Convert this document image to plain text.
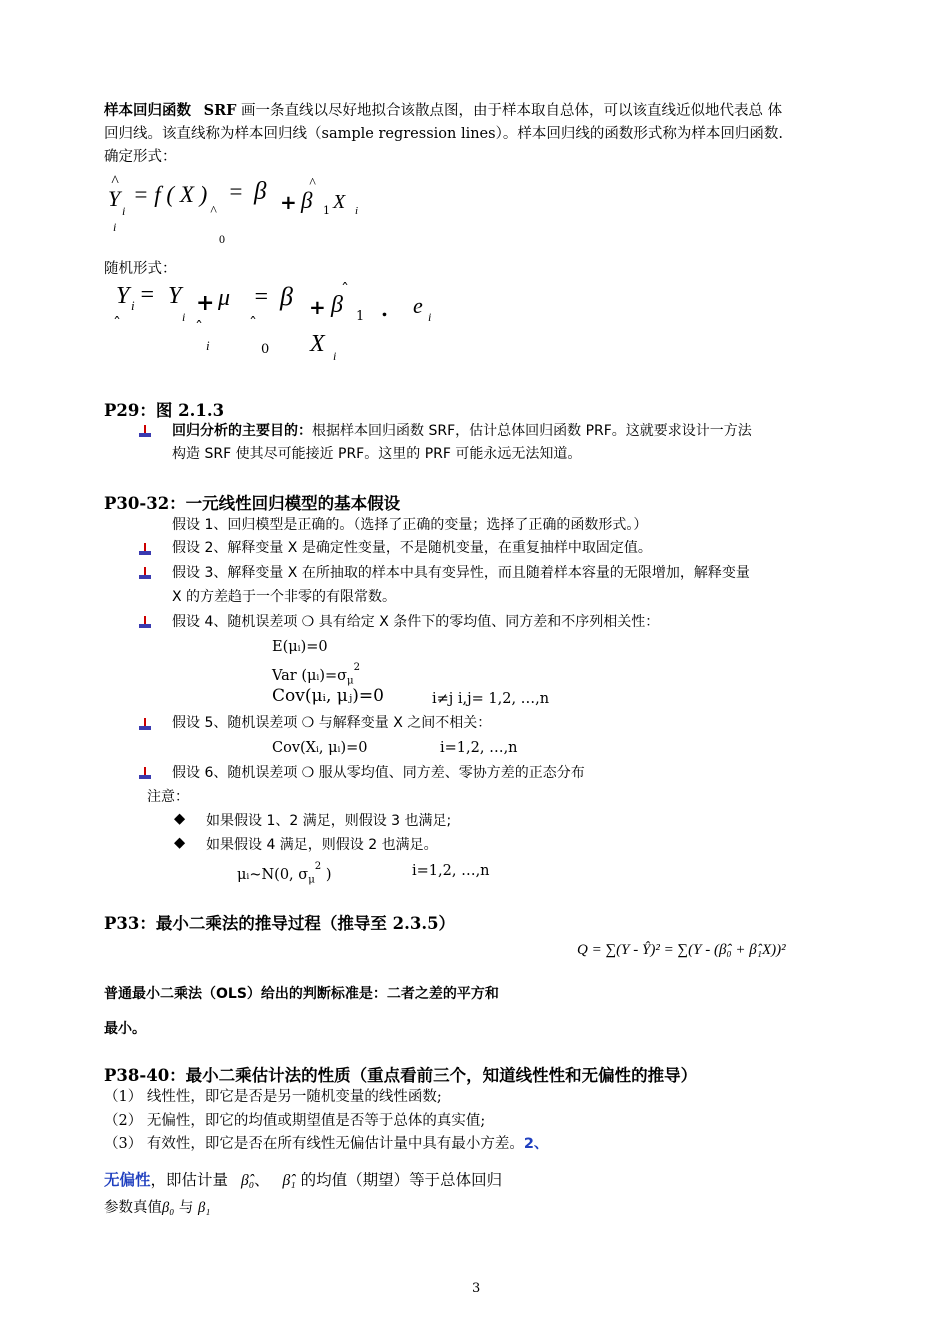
样本回归函数 SRF 画一条直线以尽好地拟合该散点图，由于样本取自总体，可以该直线近似地代表总 体
回归线。该直线称为样本回归线（sample regression lines）。样本回归线的函数形式称为样本回归函数.
确定形式：
Y
^
i
i
= f ( X ) = β
^
0
+ β
^
1 X i
随机形式：
Y i =
ˆ
Y
i
+ μ
ˆ
i
= β
ˆ
0
+ β
ˆ
1 . e i
X i
P29：图 2.1.3
回归分析的主要目的：根据样本回归函数 SRF，估计总体回归函数 PRF。这就要求设计一方法
构造 SRF 使其尽可能接近 PRF。这里的 PRF 可能永远无法知道。
P30-32：一元线性回归模型的基本假设
假设 1、回归模型是正确的。（选择了正确的变量；选择了正确的函数形式。）
假设 2、解释变量 X 是确定性变量，不是随机变量，在重复抽样中取固定值。
假设 3、解释变量 X 在所抽取的样本中具有变异性，而且随着样本容量的无限增加，解释变量
X 的方差趋于一个非零的有限常数。
假设 4、随机误差项 ❍ 具有给定 X 条件下的零均值、同方差和不序列相关性：
E(μᵢ)=0
Var $(\mu ᵢ)=\sigma_\mu^2$
Cov(μᵢ, μⱼ)=0	i≠j i,j= 1,2, …,n
假设 5、随机误差项 ❍ 与解释变量 X 之间不相关：
Cov(Xᵢ, μᵢ)=0	i=1,2, …,n
假设 6、随机误差项 ❍ 服从零均值、同方差、零协方差的正态分布
注意：
◆ 如果假设 1、2 满足，则假设 3 也满足;
◆ 如果假设 4 满足，则假设 2 也满足。
μᵢ~N(0, $\sigma_\mu^2$ )	i=1,2, …,n
P33：最小二乘法的推导过程（推导至 2.3.5）
Q = ∑(Y - Ŷ)² = ∑(Y - (β̂₀ + β̂₁X))²
普通最小二乘法（OLS）给出的判断标准是：二者之差的平方和
最小。
P38-40：最小二乘估计法的性质（重点看前三个，知道线性性和无偏性的推导）
（1） 线性性，即它是否是另一随机变量的线性函数;
（2） 无偏性，即它的均值或期望值是否等于总体的真实值;
（3） 有效性，即它是否在所有线性无偏估计量中具有最小方差。2、
无偏性，即估计量 β̂₀、 β̂₁ 的均值（期望）等于总体回归
参数真值β₀ 与 β₁
3
